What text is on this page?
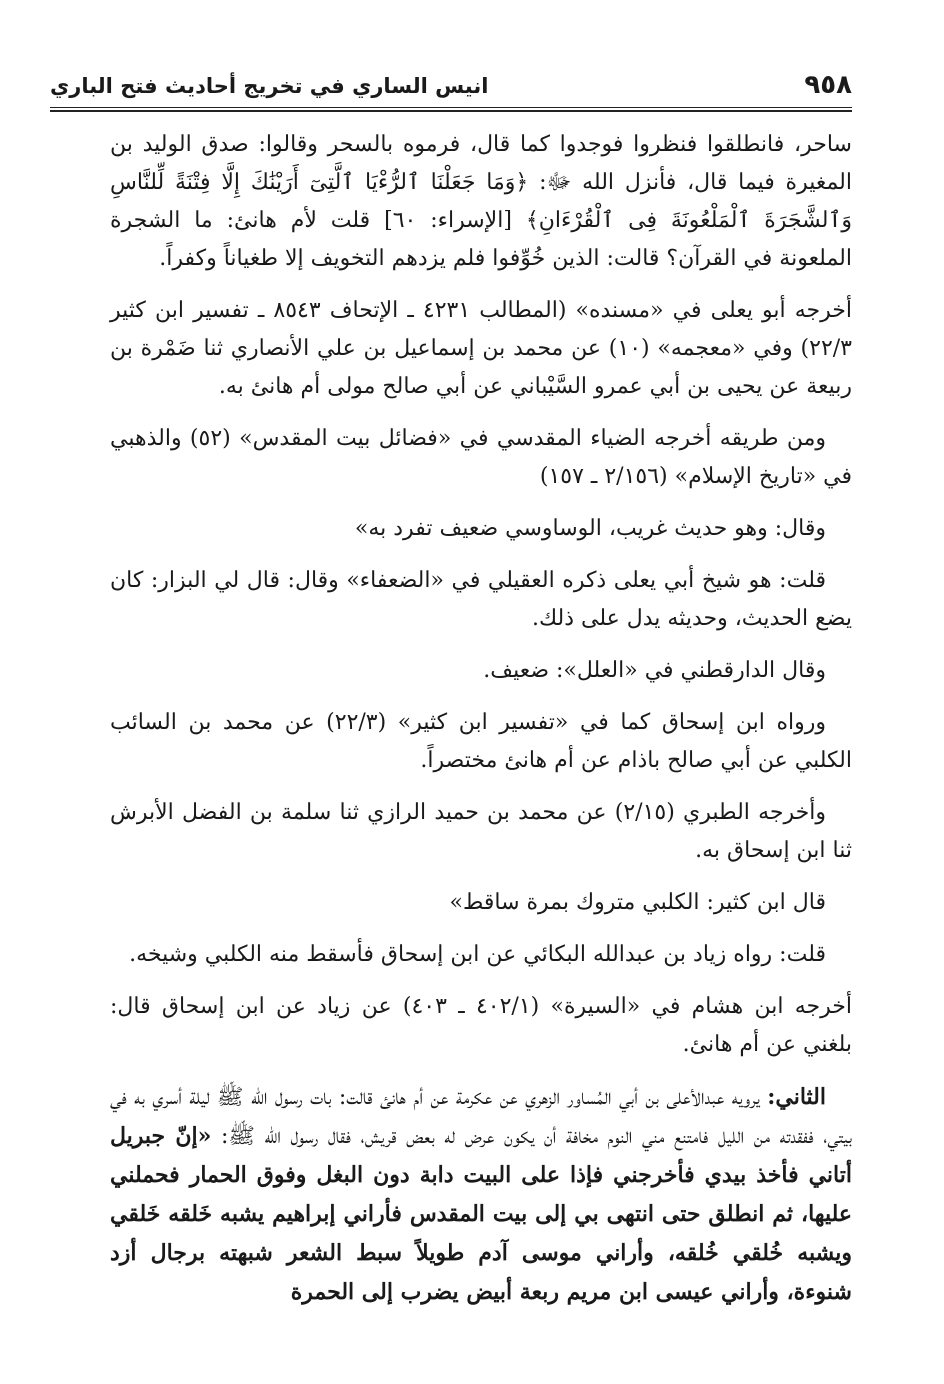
٩٥٨
انيس الساري في تخريج أحاديث فتح الباري

ساحر، فانطلقوا فنظروا فوجدوا كما قال، فرموه بالسحر وقالوا: صدق الوليد بن المغيرة فيما قال، فأنزل الله ﷻ: ﴿وَمَا جَعَلْنَا ٱلرُّءْيَا ٱلَّتِىٓ أَرَيْنَٰكَ إِلَّا فِتْنَةً لِّلنَّاسِ وَٱلشَّجَرَةَ ٱلْمَلْعُونَةَ فِى ٱلْقُرْءَانِ﴾ [الإسراء: ٦٠] قلت لأم هانئ: ما الشجرة الملعونة في القرآن؟ قالت: الذين خُوِّفوا فلم يزدهم التخويف إلا طغياناً وكفراً.

أخرجه أبو يعلى في «مسنده» (المطالب ٤٢٣١ ـ الإتحاف ٨٥٤٣ ـ تفسير ابن كثير ٢٢/٣) وفي «معجمه» (١٠) عن محمد بن إسماعيل بن علي الأنصاري ثنا ضَمْرة بن ربيعة عن يحيى بن أبي عمرو السَّيْباني عن أبي صالح مولى أم هانئ به.

ومن طريقه أخرجه الضياء المقدسي في «فضائل بيت المقدس» (٥٢) والذهبي في «تاريخ الإسلام» (٢/١٥٦ ـ ١٥٧)

وقال: وهو حديث غريب، الوساوسي ضعيف تفرد به»

قلت: هو شيخ أبي يعلى ذكره العقيلي في «الضعفاء» وقال: قال لي البزار: كان يضع الحديث، وحديثه يدل على ذلك.

وقال الدارقطني في «العلل»: ضعيف.

ورواه ابن إسحاق كما في «تفسير ابن كثير» (٢٢/٣) عن محمد بن السائب الكلبي عن أبي صالح باذام عن أم هانئ مختصراً.

وأخرجه الطبري (٢/١٥) عن محمد بن حميد الرازي ثنا سلمة بن الفضل الأبرش ثنا ابن إسحاق به.

قال ابن كثير: الكلبي متروك بمرة ساقط»

قلت: رواه زياد بن عبدالله البكائي عن ابن إسحاق فأسقط منه الكلبي وشيخه.

أخرجه ابن هشام في «السيرة» (٤٠٢/١ ـ ٤٠٣) عن زياد عن ابن إسحاق قال: بلغني عن أم هانئ.

الثاني: يرويه عبدالأعلى بن أبي المُساور الزهري عن عكرمة عن أم هانئ قالت: بات رسول الله ﷺ ليلة أسري به في بيتي، ففقدته من الليل فامتنع مني النوم مخافة أن يكون عرض له بعض قريش، فقال رسول الله ﷺ: «إنّ جبريل أتاني فأخذ بيدي فأخرجني فإذا على البيت دابة دون البغل وفوق الحمار فحملني عليها، ثم انطلق حتى انتهى بي إلى بيت المقدس فأراني إبراهيم يشبه خَلقه خَلقي ويشبه خُلقي خُلقه، وأراني موسى آدم طويلاً سبط الشعر شبهته برجال أزد شنوءة، وأراني عيسى ابن مريم ربعة أبيض يضرب إلى الحمرة
